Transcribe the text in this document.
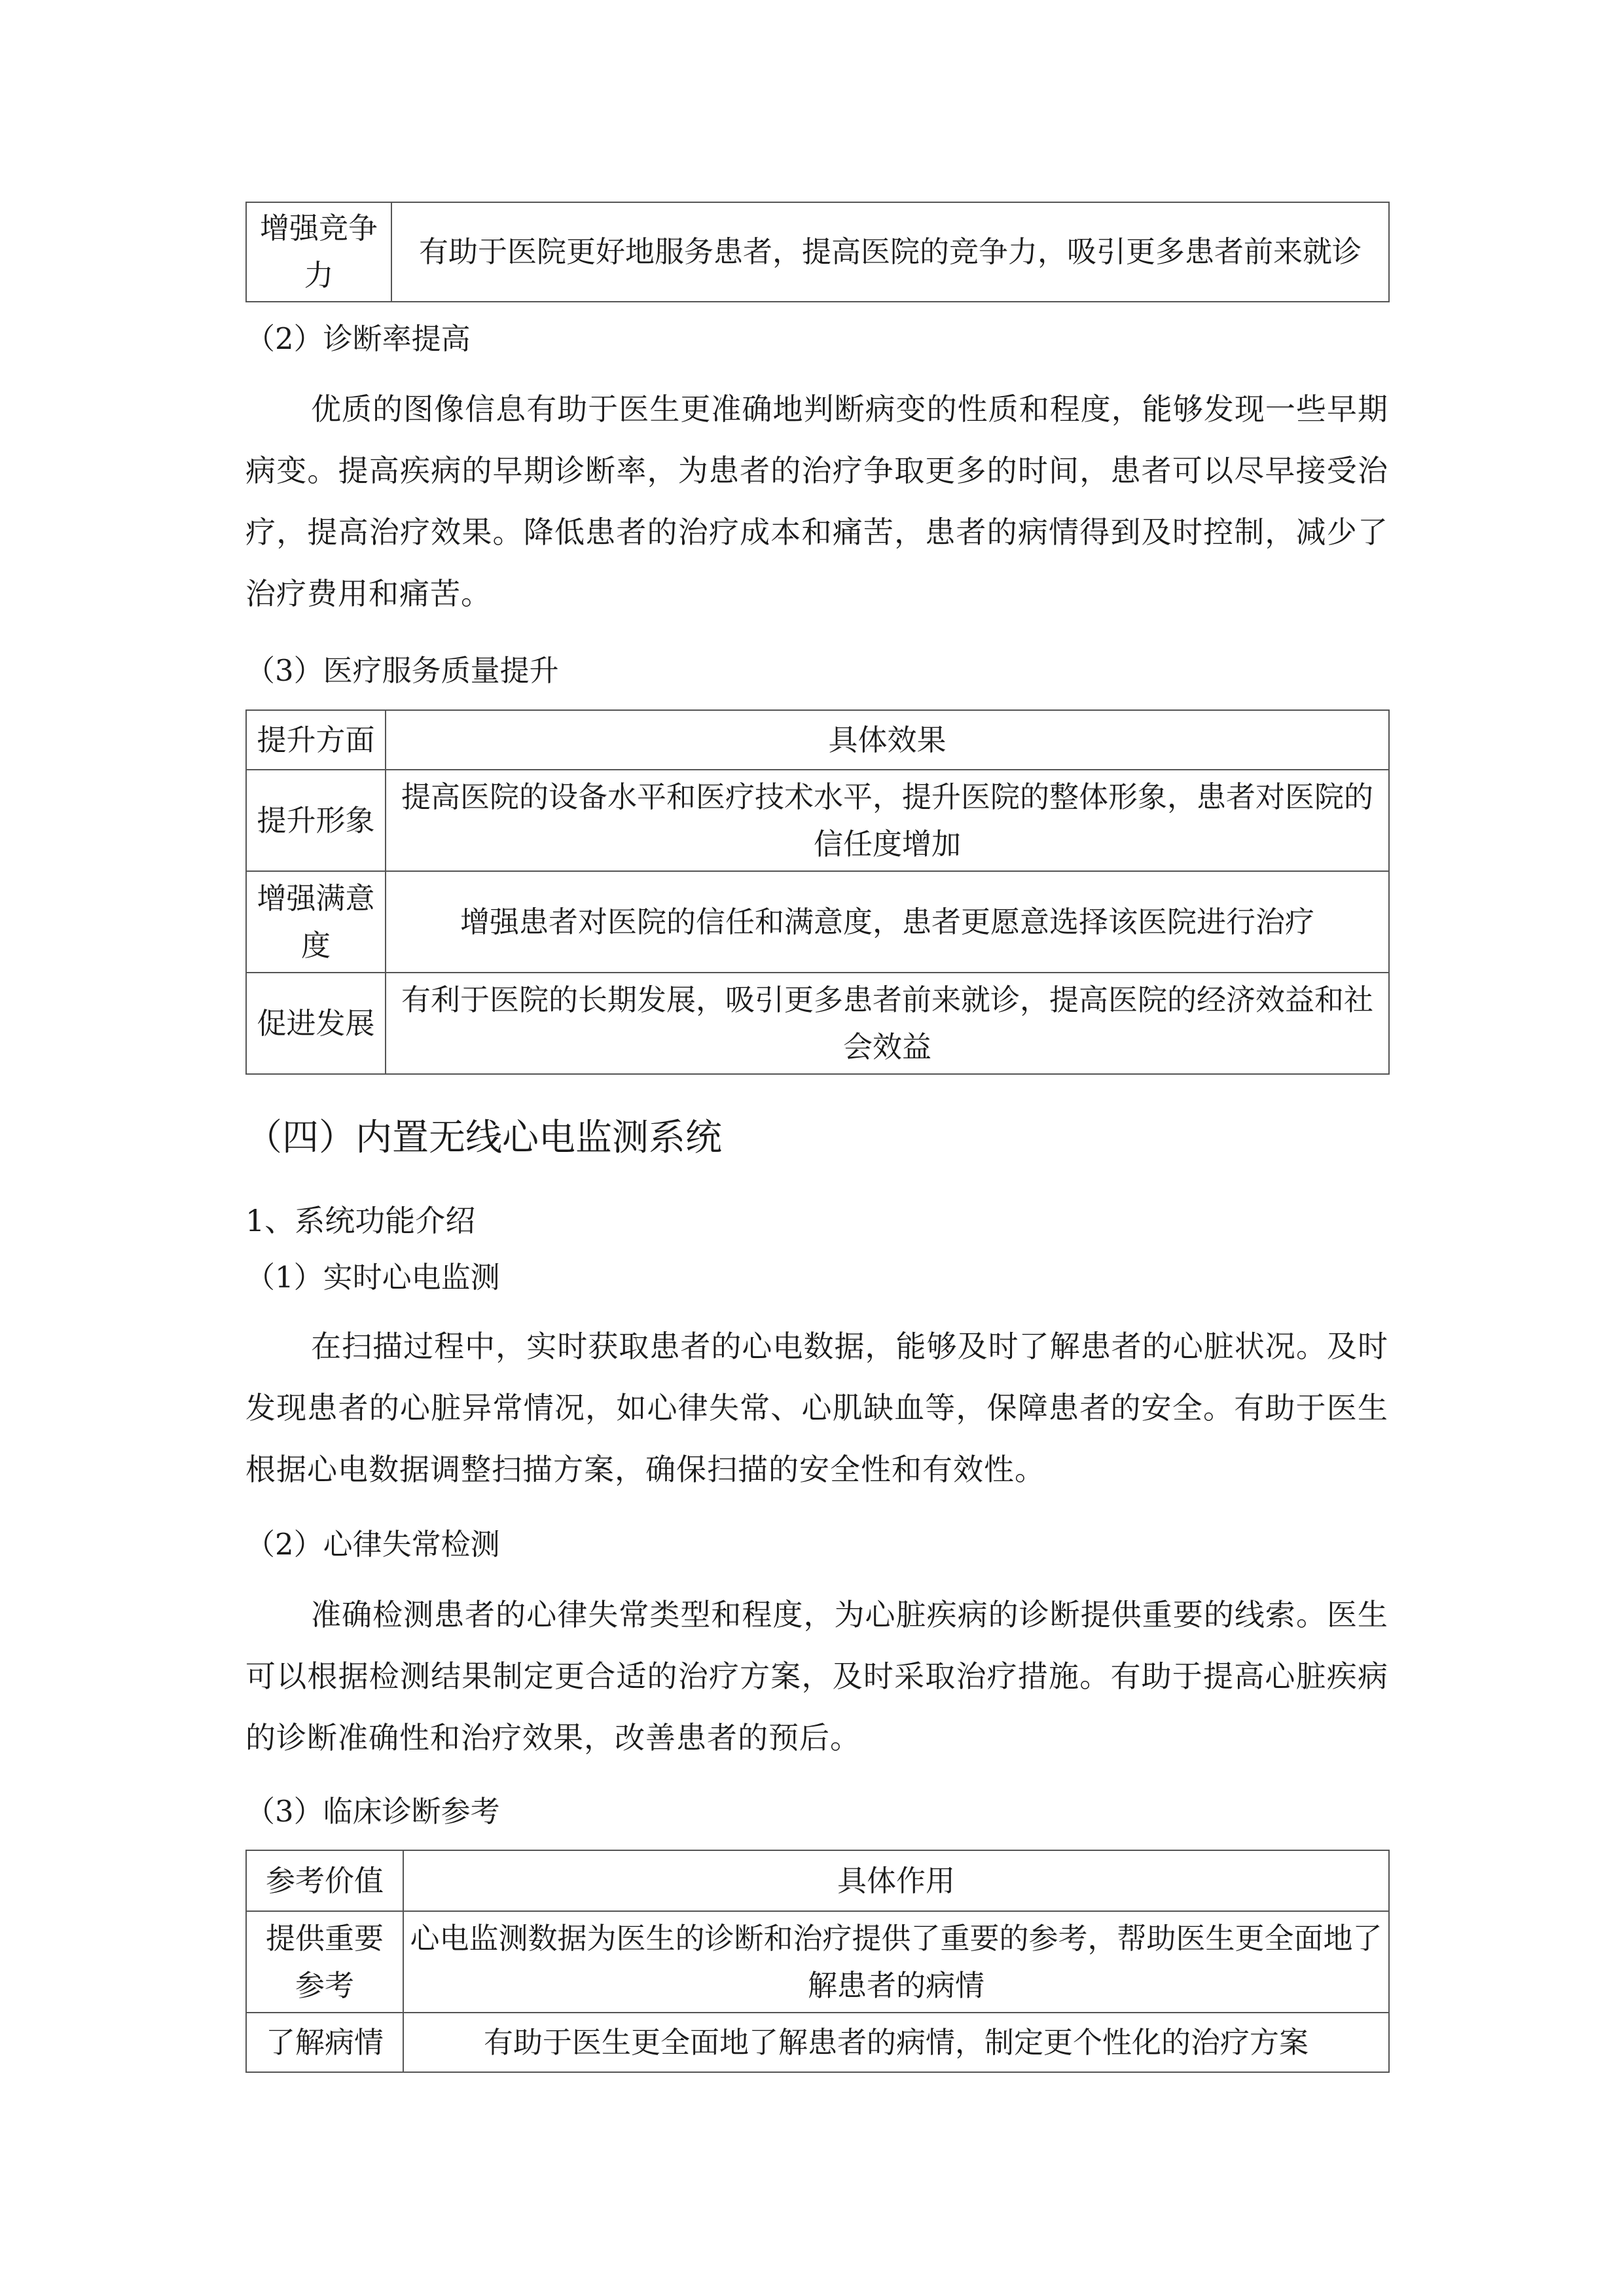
增强竞争力	有助于医院更好地服务患者，提高医院的竞争力，吸引更多患者前来就诊
（2）诊断率提高
优质的图像信息有助于医生更准确地判断病变的性质和程度，能够发现一些早期病变。提高疾病的早期诊断率，为患者的治疗争取更多的时间，患者可以尽早接受治疗，提高治疗效果。降低患者的治疗成本和痛苦，患者的病情得到及时控制，减少了治疗费用和痛苦。
（3）医疗服务质量提升
提升方面	具体效果
提升形象	提高医院的设备水平和医疗技术水平，提升医院的整体形象，患者对医院的信任度增加
增强满意度	增强患者对医院的信任和满意度，患者更愿意选择该医院进行治疗
促进发展	有利于医院的长期发展，吸引更多患者前来就诊，提高医院的经济效益和社会效益
（四）内置无线心电监测系统
1、系统功能介绍
（1）实时心电监测
在扫描过程中，实时获取患者的心电数据，能够及时了解患者的心脏状况。及时发现患者的心脏异常情况，如心律失常、心肌缺血等，保障患者的安全。有助于医生根据心电数据调整扫描方案，确保扫描的安全性和有效性。
（2）心律失常检测
准确检测患者的心律失常类型和程度，为心脏疾病的诊断提供重要的线索。医生可以根据检测结果制定更合适的治疗方案，及时采取治疗措施。有助于提高心脏疾病的诊断准确性和治疗效果，改善患者的预后。
（3）临床诊断参考
参考价值	具体作用
提供重要参考	心电监测数据为医生的诊断和治疗提供了重要的参考，帮助医生更全面地了解患者的病情
了解病情	有助于医生更全面地了解患者的病情，制定更个性化的治疗方案
